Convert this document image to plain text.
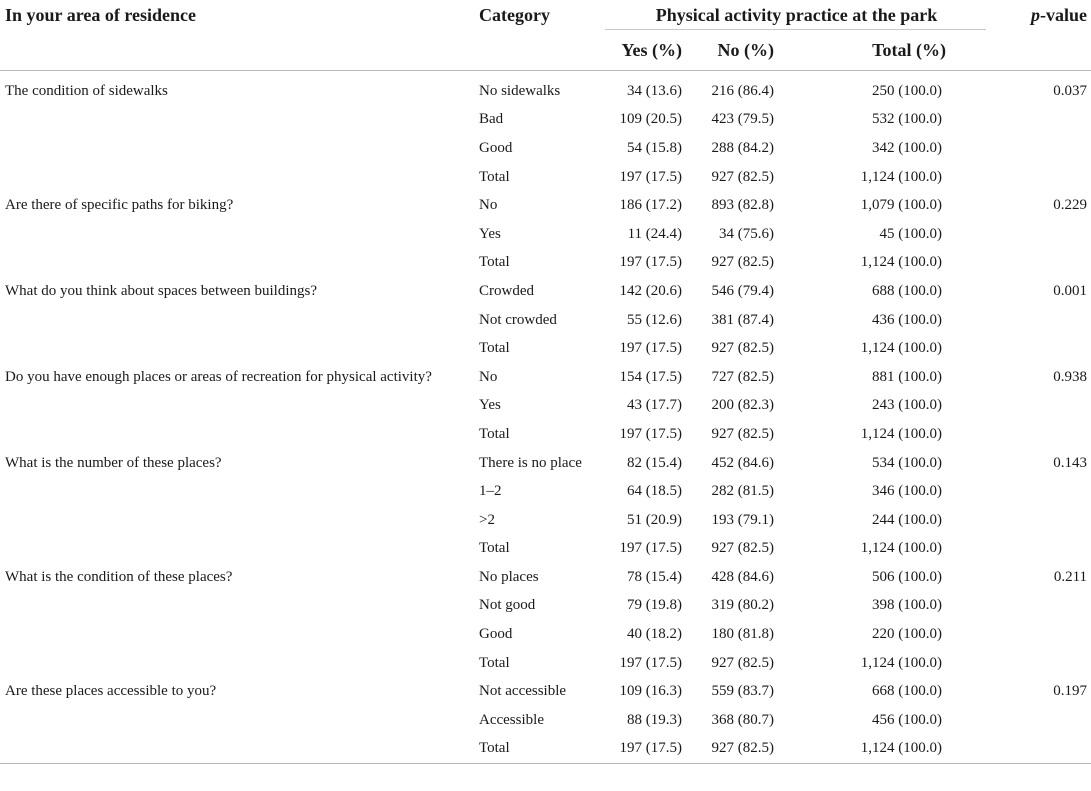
In your area of residence	Category	Physical activity practice at the park			p-value
		Yes (%)	No (%)	Total (%)	
The condition of sidewalks	No sidewalks	34 (13.6)	216 (86.4)	250 (100.0)	0.037
	Bad	109 (20.5)	423 (79.5)	532 (100.0)	
	Good	54 (15.8)	288 (84.2)	342 (100.0)	
	Total	197 (17.5)	927 (82.5)	1,124 (100.0)	
Are there of specific paths for biking?	No	186 (17.2)	893 (82.8)	1,079 (100.0)	0.229
	Yes	11 (24.4)	34 (75.6)	45 (100.0)	
	Total	197 (17.5)	927 (82.5)	1,124 (100.0)	
What do you think about spaces between buildings?	Crowded	142 (20.6)	546 (79.4)	688 (100.0)	0.001
	Not crowded	55 (12.6)	381 (87.4)	436 (100.0)	
	Total	197 (17.5)	927 (82.5)	1,124 (100.0)	
Do you have enough places or areas of recreation for physical activity?	No	154 (17.5)	727 (82.5)	881 (100.0)	0.938
	Yes	43 (17.7)	200 (82.3)	243 (100.0)	
	Total	197 (17.5)	927 (82.5)	1,124 (100.0)	
What is the number of these places?	There is no place	82 (15.4)	452 (84.6)	534 (100.0)	0.143
	1–2	64 (18.5)	282 (81.5)	346 (100.0)	
	>2	51 (20.9)	193 (79.1)	244 (100.0)	
	Total	197 (17.5)	927 (82.5)	1,124 (100.0)	
What is the condition of these places?	No places	78 (15.4)	428 (84.6)	506 (100.0)	0.211
	Not good	79 (19.8)	319 (80.2)	398 (100.0)	
	Good	40 (18.2)	180 (81.8)	220 (100.0)	
	Total	197 (17.5)	927 (82.5)	1,124 (100.0)	
Are these places accessible to you?	Not accessible	109 (16.3)	559 (83.7)	668 (100.0)	0.197
	Accessible	88 (19.3)	368 (80.7)	456 (100.0)	
	Total	197 (17.5)	927 (82.5)	1,124 (100.0)	
